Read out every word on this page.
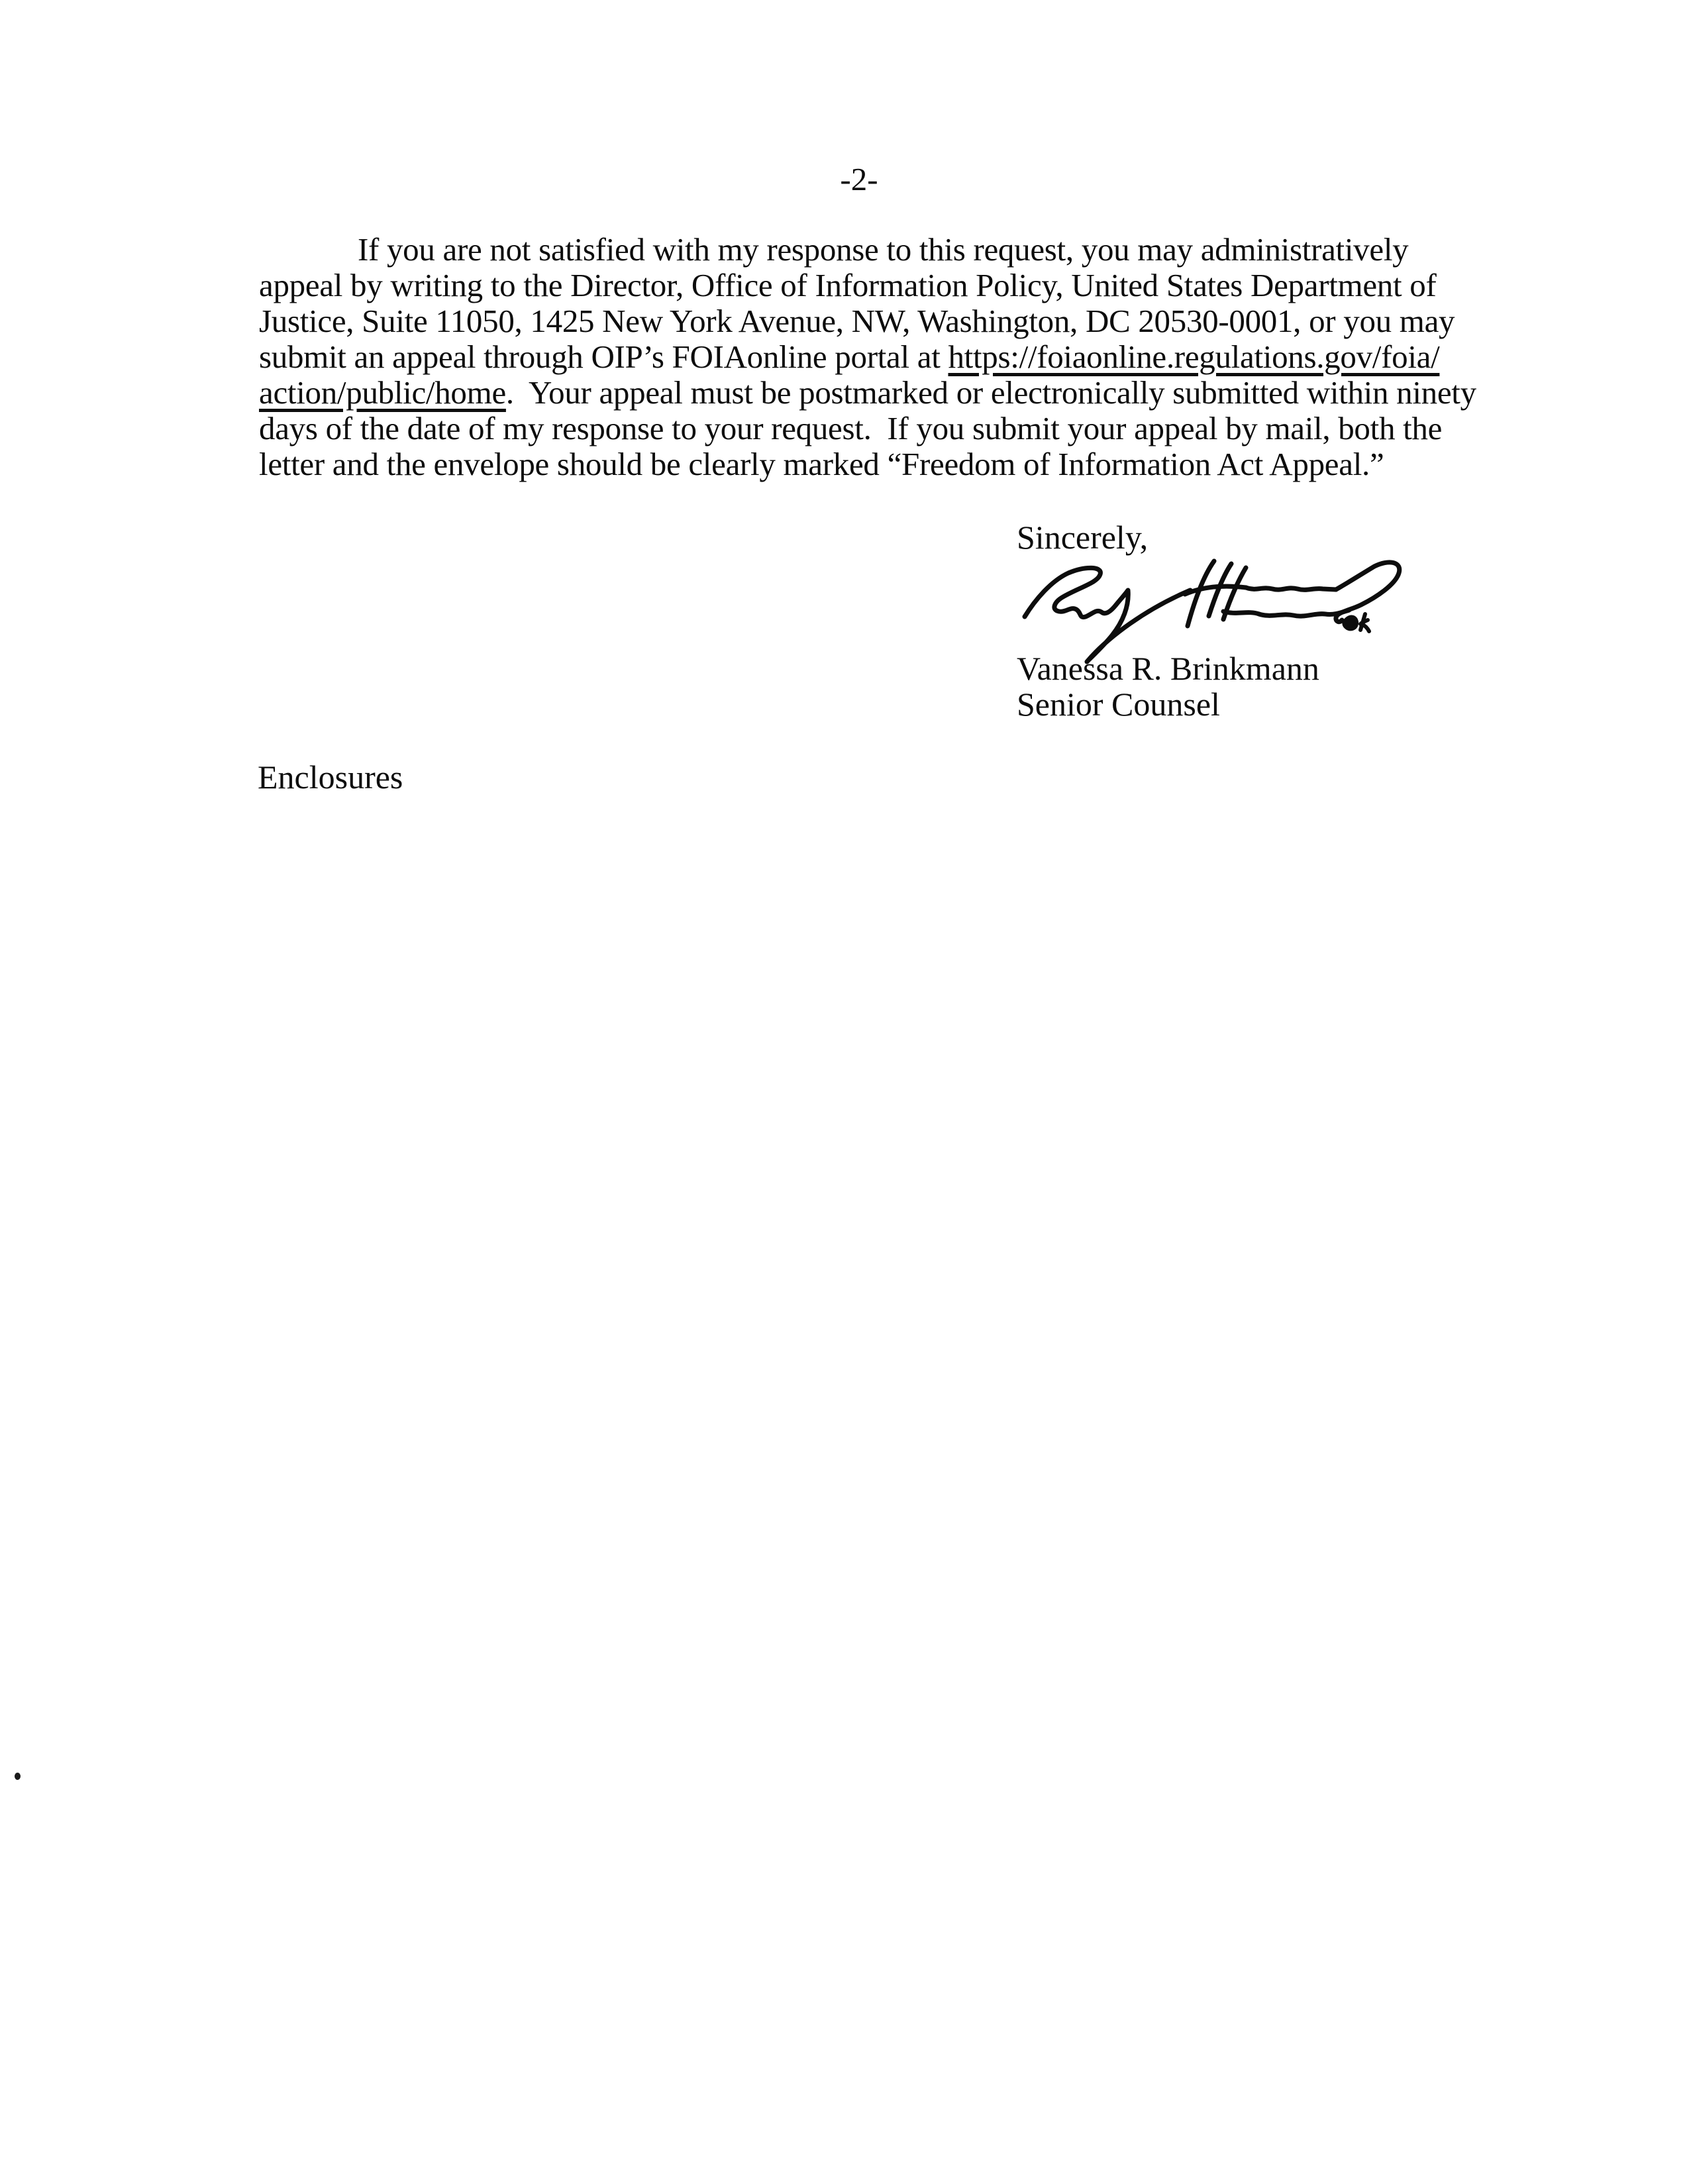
-2-
If you are not satisfied with my response to this request, you may administratively
appeal by writing to the Director, Office of Information Policy, United States Department of
Justice, Suite 11050, 1425 New York Avenue, NW, Washington, DC 20530-0001, or you may
submit an appeal through OIP’s FOIAonline portal at https://foiaonline.regulations.gov/foia/
action/public/home.  Your appeal must be postmarked or electronically submitted within ninety
days of the date of my response to your request.  If you submit your appeal by mail, both the
letter and the envelope should be clearly marked “Freedom of Information Act Appeal.”
Sincerely,
Vanessa R. Brinkmann
Senior Counsel
Enclosures
